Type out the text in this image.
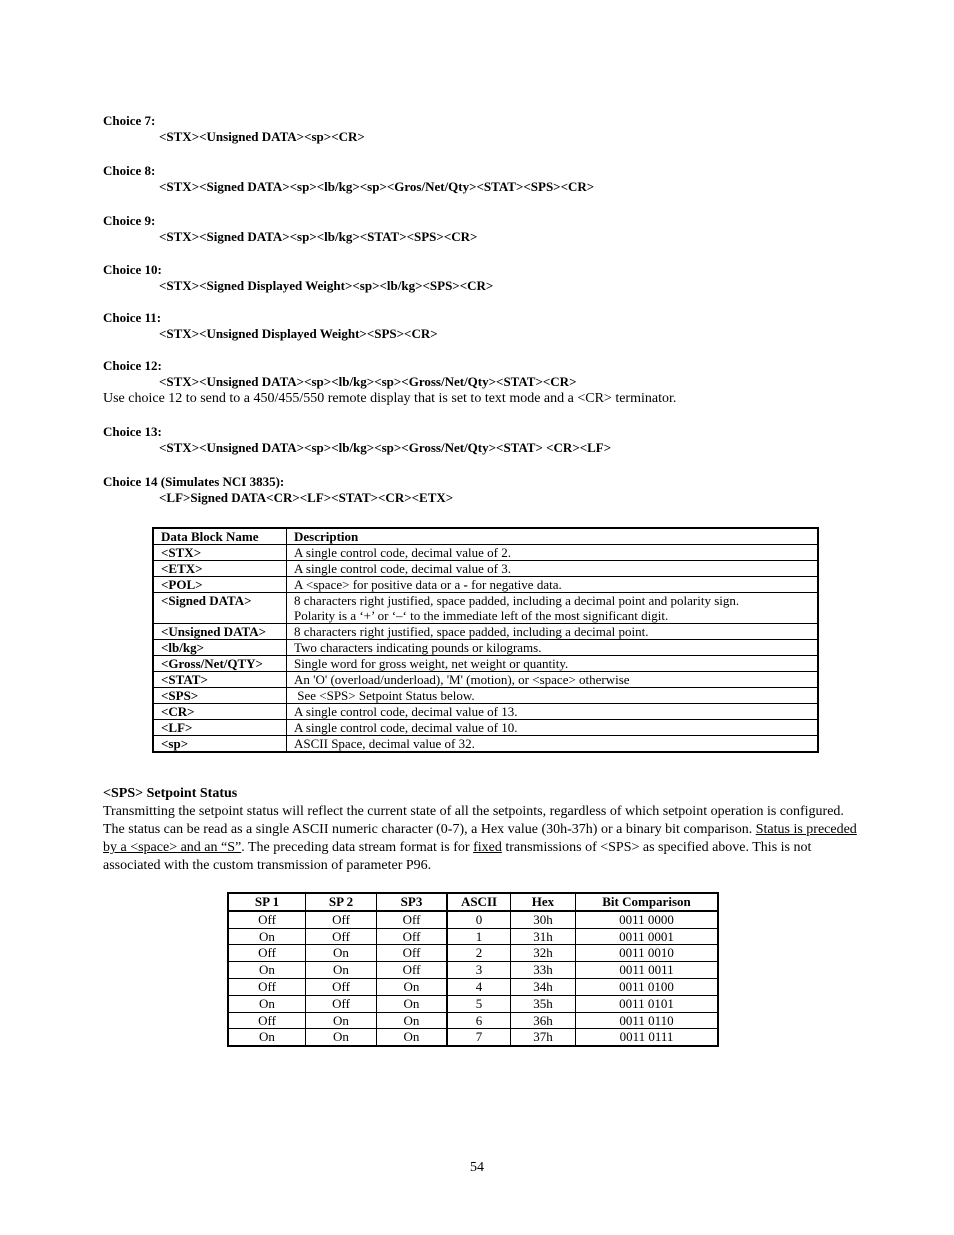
Choice 7:
<STX><Unsigned DATA><sp><CR>
Choice 8:
<STX><Signed DATA><sp><lb/kg><sp><Gros/Net/Qty><STAT><SPS><CR>
Choice 9:
<STX><Signed DATA><sp><lb/kg><STAT><SPS><CR>
Choice 10:
<STX><Signed Displayed Weight><sp><lb/kg><SPS><CR>
Choice 11:
<STX><Unsigned Displayed Weight><SPS><CR>
Choice 12:
<STX><Unsigned DATA><sp><lb/kg><sp><Gross/Net/Qty><STAT><CR>
Use choice 12 to send to a 450/455/550 remote display that is set to text mode and a <CR> terminator.
Choice 13:
<STX><Unsigned DATA><sp><lb/kg><sp><Gross/Net/Qty><STAT> <CR><LF>
Choice 14 (Simulates NCI 3835):
<LF>Signed DATA<CR><LF><STAT><CR><ETX>
Data Block Name	Description
<STX>	A single control code, decimal value of 2.
<ETX>	A single control code, decimal value of 3.
<POL>	A <space> for positive data or a - for negative data.
<Signed DATA>	8 characters right justified, space padded, including a decimal point and polarity sign.
Polarity is a ‘+’ or ‘–‘ to the immediate left of the most significant digit.

<Unsigned DATA>	8 characters right justified, space padded, including a decimal point.
<lb/kg>	Two characters indicating pounds or kilograms.
<Gross/Net/QTY>	Single word for gross weight, net weight or quantity.
<STAT>	An 'O' (overload/underload), 'M' (motion), or <space> otherwise
<SPS>	See <SPS> Setpoint Status below.
<CR>	A single control code, decimal value of 13.
<LF>	A single control code, decimal value of 10.
<sp>	ASCII Space, decimal value of 32.
<SPS> Setpoint Status
Transmitting the setpoint status will reflect the current state of all the setpoints, regardless of which setpoint operation is configured. The status can be read as a single ASCII numeric character (0-7), a Hex value (30h-37h) or a binary bit comparison. Status is preceded by a <space> and an “S”. The preceding data stream format is for fixed transmissions of <SPS> as specified above. This is not associated with the custom transmission of parameter P96.
SP 1	SP 2	SP3	ASCII	Hex	Bit Comparison
Off	Off	Off	0	30h	0011 0000
On	Off	Off	1	31h	0011 0001
Off	On	Off	2	32h	0011 0010
On	On	Off	3	33h	0011 0011
Off	Off	On	4	34h	0011 0100
On	Off	On	5	35h	0011 0101
Off	On	On	6	36h	0011 0110
On	On	On	7	37h	0011 0111
54
